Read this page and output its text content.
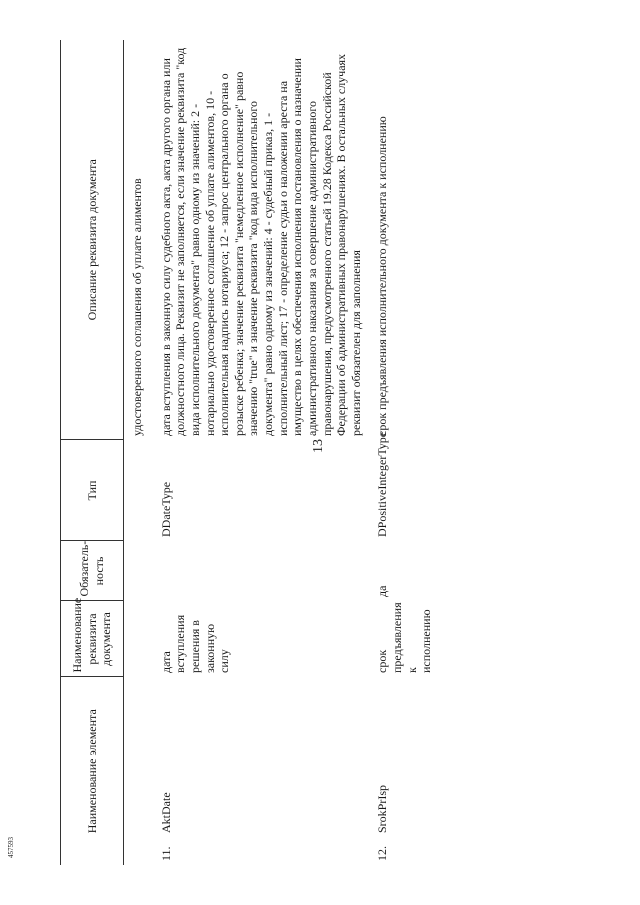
13
457593
Наименование элемента	Наименование реквизита документа	Обязатель-ность	Тип	Описание реквизита документа
				удостоверенного соглашения об уплате алиментов
11.AktDate	дата вступления решения в законную силу		DDateType	дата вступления в законную силу судебного акта, акта другого органа или должностного лица. Реквизит не заполняется, если значение реквизита "код вида исполнительного документа" равно одному из значений: 2 - нотариально удостоверенное соглашение об уплате алиментов, 10 - исполнительная надпись нотариуса; 12 - запрос центрального органа о розыске ребенка; значение реквизита "немедленное исполнение" равно значению "true" и значение реквизита "код вида исполнительного документа" равно одному из значений: 4 - судебный приказ, 1 - исполнительный лист; 17 - определение судьи о наложении ареста на имущество в целях обеспечения исполнения постановления о назначении административного наказания за совершение административного правонарушения, предусмотренного статьей 19.28 Кодекса Российской Федерации об административных правонарушениях. В остальных случаях реквизит обязателен для заполнения
12.SrokPrIsp	срок предъявления к исполнению	да	DPositiveIntegerType	срок предъявления исполнительного документа к исполнению
